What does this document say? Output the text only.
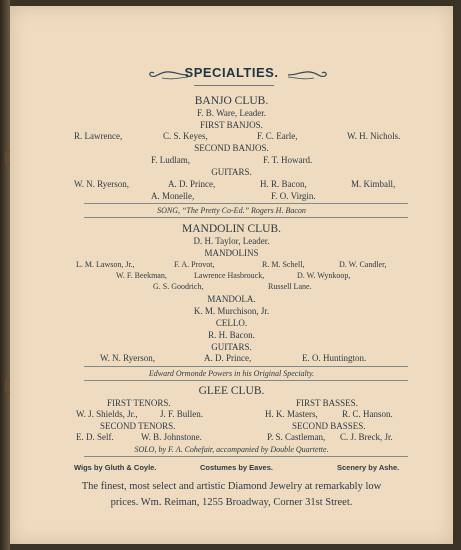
SPECIALTIES.
BANJO CLUB.
F. B. Ware, Leader.
FIRST BANJOS.
R. Lawrence,	C. S. Keyes,	F. C. Earle,	W. H. Nichols.
SECOND BANJOS.
F. Ludlam,	F. T. Howard.
GUITARS.
W. N. Ryerson,	A. D. Prince,	H. R. Bacon,	M. Kimball,
A. Monelle,	F. O. Virgin.
SONG, “The Pretty Co-Ed.” Rogers H. Bacon
MANDOLIN CLUB.
D. H. Taylor, Leader.
MANDOLINS
L. M. Lawson, Jr.,	F. A. Provot,	R. M. Schell,	D. W. Candler,
W. F. Beekman,	Lawrence Hasbrouck,	D. W. Wynkoop,
G. S. Goodrich,	Russell Lane.
MANDOLA.
K. M. Murchison, Jr.
CELLO.
R. H. Bacon.
GUITARS.
W. N. Ryerson,	A. D. Prince,	E. O. Huntington.
Edward Ormonde Powers in his Original Specialty.
GLEE CLUB.
FIRST TENORS.	FIRST BASSES.
W. J. Shields, Jr., J. F. Bullen.	H. K. Masters,	R. C. Hanson.
SECOND TENORS.	SECOND BASSES.
E. D. Self.	W. B. Johnstone.	P. S. Castleman, C. J. Breck, Jr.
SOLO, by F. A. Cohefair, accompanied by Double Quartette.
Wigs by Gluth & Coyle.	Costumes by Eaves.	Scenery by Ashe.
The finest, most select and artistic Diamond Jewelry at remarkably low
prices. Wm. Reiman, 1255 Broadway, Corner 31st Street.
